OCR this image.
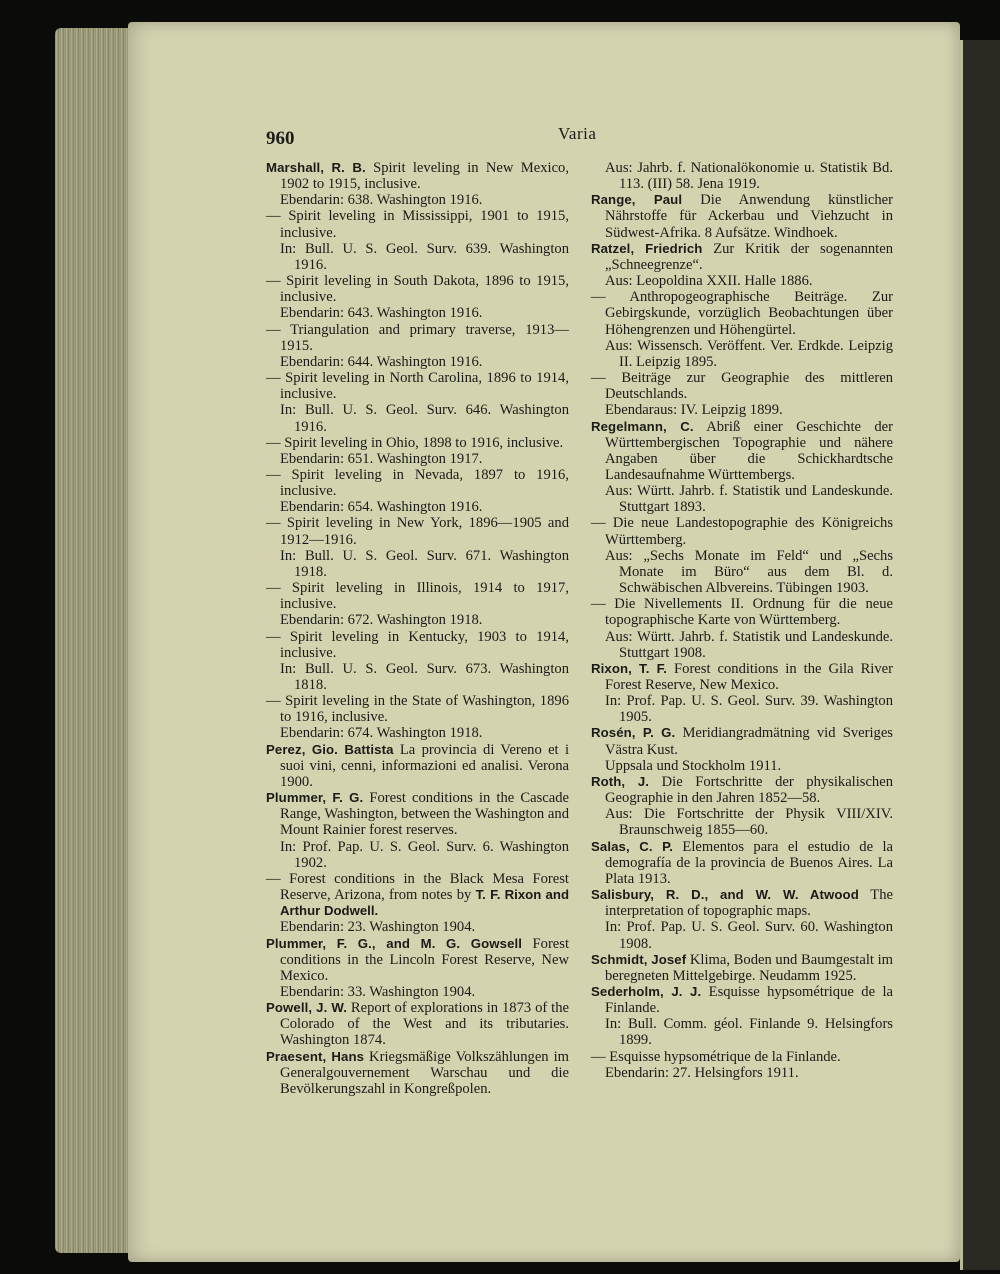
960	Varia
Marshall, R. B. Spirit leveling in New Mexico, 1902 to 1915, inclusive.
Ebendarin: 638. Washington 1916.
— Spirit leveling in Mississippi, 1901 to 1915, inclusive.
In: Bull. U. S. Geol. Surv. 639. Washington 1916.
— Spirit leveling in South Dakota, 1896 to 1915, inclusive.
Ebendarin: 643. Washington 1916.
— Triangulation and primary traverse, 1913—1915.
Ebendarin: 644. Washington 1916.
— Spirit leveling in North Carolina, 1896 to 1914, inclusive.
In: Bull. U. S. Geol. Surv. 646. Washington 1916.
— Spirit leveling in Ohio, 1898 to 1916, inclusive.
Ebendarin: 651. Washington 1917.
— Spirit leveling in Nevada, 1897 to 1916, inclusive.
Ebendarin: 654. Washington 1916.
— Spirit leveling in New York, 1896—1905 and 1912—1916.
In: Bull. U. S. Geol. Surv. 671. Washington 1918.
— Spirit leveling in Illinois, 1914 to 1917, inclusive.
Ebendarin: 672. Washington 1918.
— Spirit leveling in Kentucky, 1903 to 1914, inclusive.
In: Bull. U. S. Geol. Surv. 673. Washington 1818.
— Spirit leveling in the State of Washington, 1896 to 1916, inclusive.
Ebendarin: 674. Washington 1918.
Perez, Gio. Battista La provincia di Vereno et i suoi vini, cenni, informazioni ed analisi. Verona 1900.
Plummer, F. G. Forest conditions in the Cascade Range, Washington, between the Washington and Mount Rainier forest reserves.
In: Prof. Pap. U. S. Geol. Surv. 6. Washington 1902.
— Forest conditions in the Black Mesa Forest Reserve, Arizona, from notes by T. F. Rixon and Arthur Dodwell.
Ebendarin: 23. Washington 1904.
Plummer, F. G., and M. G. Gowsell Forest conditions in the Lincoln Forest Reserve, New Mexico.
Ebendarin: 33. Washington 1904.
Powell, J. W. Report of explorations in 1873 of the Colorado of the West and its tributaries. Washington 1874.
Praesent, Hans Kriegsmäßige Volkszählungen im Generalgouvernement Warschau und die Bevölkerungszahl in Kongreßpolen.
Aus: Jahrb. f. Nationalökonomie u. Statistik Bd. 113. (III) 58. Jena 1919.
Range, Paul Die Anwendung künstlicher Nährstoffe für Ackerbau und Viehzucht in Südwest-Afrika. 8 Aufsätze. Windhoek.
Ratzel, Friedrich Zur Kritik der sogenannten „Schneegrenze“.
Aus: Leopoldina XXII. Halle 1886.
— Anthropogeographische Beiträge. Zur Gebirgskunde, vorzüglich Beobachtungen über Höhengrenzen und Höhengürtel.
Aus: Wissensch. Veröffent. Ver. Erdkde. Leipzig II. Leipzig 1895.
— Beiträge zur Geographie des mittleren Deutschlands.
Ebendaraus: IV. Leipzig 1899.
Regelmann, C. Abriß einer Geschichte der Württembergischen Topographie und nähere Angaben über die Schickhardtsche Landesaufnahme Württembergs.
Aus: Württ. Jahrb. f. Statistik und Landeskunde. Stuttgart 1893.
— Die neue Landestopographie des Königreichs Württemberg.
Aus: „Sechs Monate im Feld“ und „Sechs Monate im Büro“ aus dem Bl. d. Schwäbischen Albvereins. Tübingen 1903.
— Die Nivellements II. Ordnung für die neue topographische Karte von Württemberg.
Aus: Württ. Jahrb. f. Statistik und Landeskunde. Stuttgart 1908.
Rixon, T. F. Forest conditions in the Gila River Forest Reserve, New Mexico.
In: Prof. Pap. U. S. Geol. Surv. 39. Washington 1905.
Rosén, P. G. Meridiangradmätning vid Sveriges Västra Kust.
Uppsala und Stockholm 1911.
Roth, J. Die Fortschritte der physikalischen Geographie in den Jahren 1852—58.
Aus: Die Fortschritte der Physik VIII/XIV. Braunschweig 1855—60.
Salas, C. P. Elementos para el estudio de la demografía de la provincia de Buenos Aires. La Plata 1913.
Salisbury, R. D., and W. W. Atwood The interpretation of topographic maps.
In: Prof. Pap. U. S. Geol. Surv. 60. Washington 1908.
Schmidt, Josef Klima, Boden und Baumgestalt im beregneten Mittelgebirge. Neudamm 1925.
Sederholm, J. J. Esquisse hypsométrique de la Finlande.
In: Bull. Comm. géol. Finlande 9. Helsingfors 1899.
— Esquisse hypsométrique de la Finlande.
Ebendarin: 27. Helsingfors 1911.
